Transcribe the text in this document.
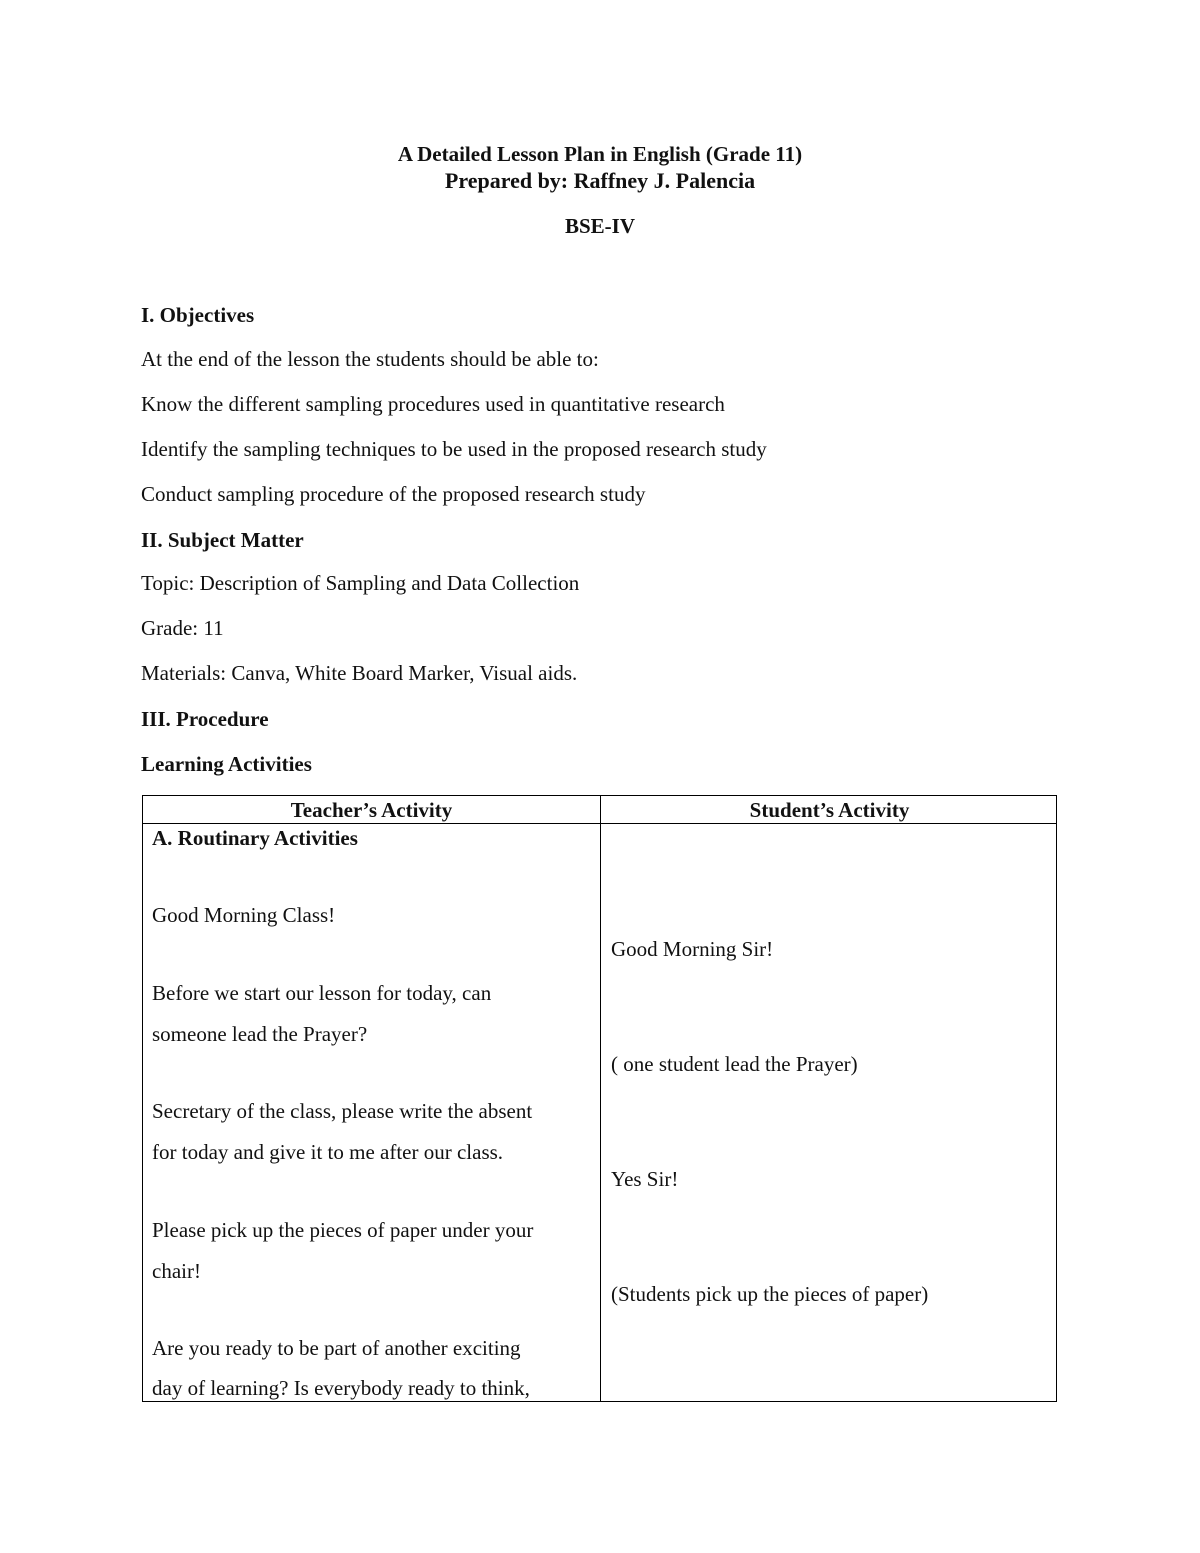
A Detailed Lesson Plan in English (Grade 11)
Prepared by: Raffney J. Palencia
BSE-IV
I. Objectives
At the end of the lesson the students should be able to:
Know the different sampling procedures used in quantitative research
Identify the sampling techniques to be used in the proposed research study
Conduct sampling procedure of the proposed research study
II. Subject Matter
Topic: Description of Sampling and Data Collection
Grade: 11
Materials: Canva, White Board Marker, Visual aids.
III. Procedure
Learning Activities
Teacher’s Activity	Student’s Activity
A. Routinary Activities
Good Morning Class!
Before we start our lesson for today, can
someone lead the Prayer?
Secretary of the class, please write the absent
for today and give it to me after our class.
Please pick up the pieces of paper under your
chair!
Are you ready to be part of another exciting
day of learning? Is everybody ready to think,
Good Morning Sir!
( one student lead the Prayer)
Yes Sir!
(Students pick up the pieces of paper)
